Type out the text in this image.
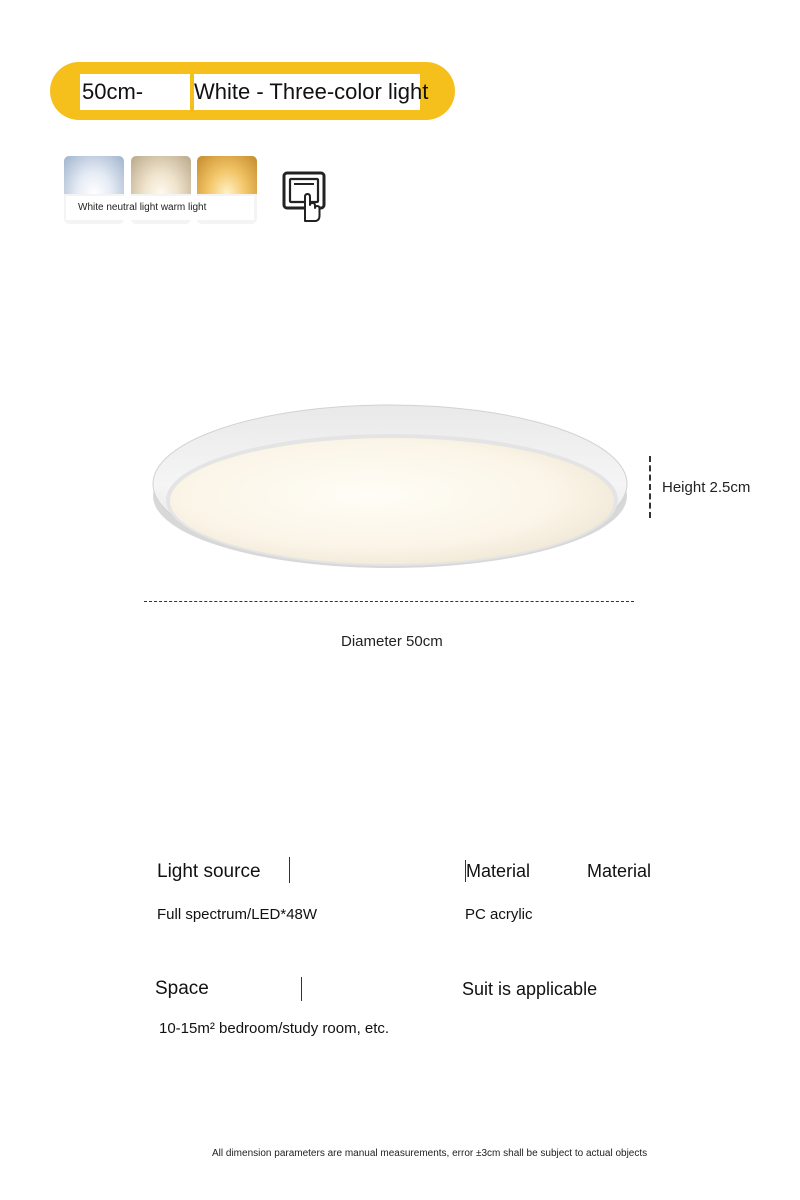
50cm-	White - Three-color light
White neutral light warm light
Height 2.5cm
Diameter 50cm
Light source
Full spectrum/LED*48W
Material	Material
PC acrylic
Space
10-15m² bedroom/study room, etc.
Suit is applicable
All dimension parameters are manual measurements, error ±3cm shall be subject to actual objects
